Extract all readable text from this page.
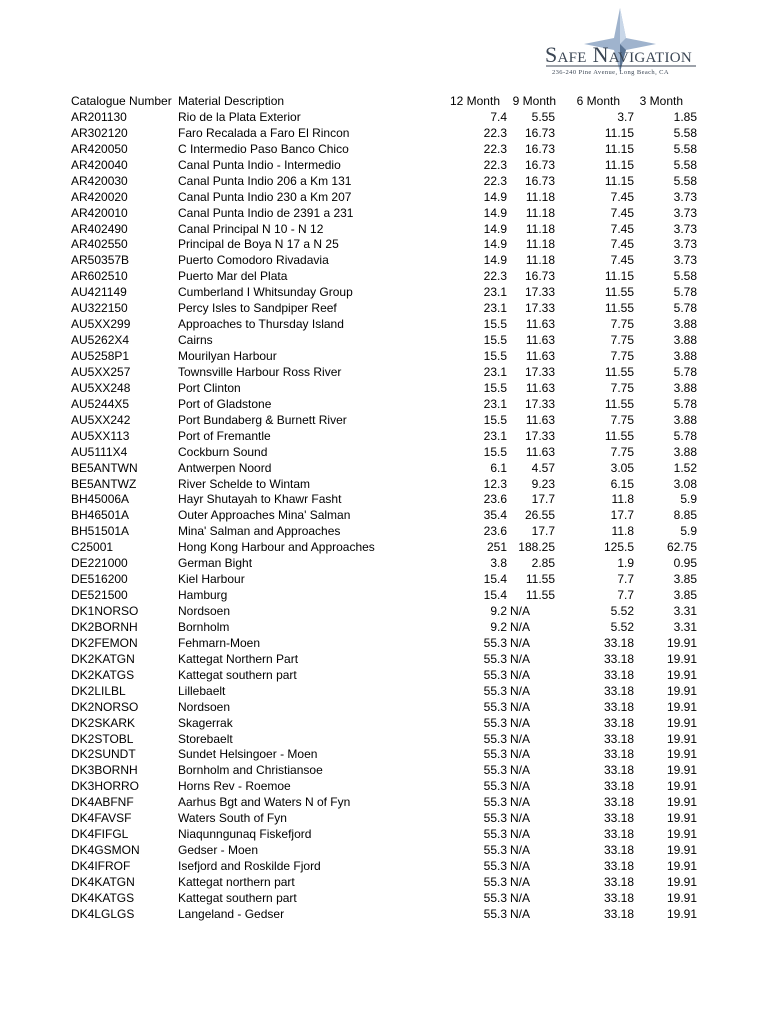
Safe Navigation
236-240 Pine Avenue, Long Beach, CA
Catalogue Number Material Description	12 Month 9 Month 6 Month 3 Month
AR201130	Rio de la Plata Exterior	7.4 5.55	3.7	1.85
AR302120	Faro Recalada a Faro El Rincon	22.3 16.73	11.15	5.58
AR420050	C Intermedio Paso Banco Chico	22.3 16.73	11.15	5.58
AR420040	Canal Punta Indio - Intermedio	22.3 16.73	11.15	5.58
AR420030	Canal Punta Indio 206 a Km 131	22.3 16.73	11.15	5.58
AR420020	Canal Punta Indio 230 a Km 207	14.9 11.18	7.45	3.73
AR420010	Canal Punta Indio de 2391 a 231	14.9 11.18	7.45	3.73
AR402490	Canal Principal N 10 - N 12	14.9 11.18	7.45	3.73
AR402550	Principal de Boya N 17 a N 25	14.9 11.18	7.45	3.73
AR50357B	Puerto Comodoro Rivadavia	14.9 11.18	7.45	3.73
AR602510	Puerto Mar del Plata	22.3 16.73	11.15	5.58
AU421149	Cumberland I Whitsunday Group	23.1 17.33	11.55	5.78
AU322150	Percy Isles to Sandpiper Reef	23.1 17.33	11.55	5.78
AU5XX299	Approaches to Thursday Island	15.5 11.63	7.75	3.88
AU5262X4	Cairns	15.5 11.63	7.75	3.88
AU5258P1	Mourilyan Harbour	15.5 11.63	7.75	3.88
AU5XX257	Townsville Harbour Ross River	23.1 17.33	11.55	5.78
AU5XX248	Port Clinton	15.5 11.63	7.75	3.88
AU5244X5	Port of Gladstone	23.1 17.33	11.55	5.78
AU5XX242	Port Bundaberg & Burnett River	15.5 11.63	7.75	3.88
AU5XX113	Port of Fremantle	23.1 17.33	11.55	5.78
AU5111X4	Cockburn Sound	15.5 11.63	7.75	3.88
BE5ANTWN	Antwerpen Noord	6.1 4.57	3.05	1.52
BE5ANTWZ	River Schelde to Wintam	12.3 9.23	6.15	3.08
BH45006A	Hayr Shutayah to Khawr Fasht	23.6 17.7	11.8	5.9
BH46501A	Outer Approaches Mina' Salman	35.4 26.55	17.7	8.85
BH51501A	Mina' Salman and Approaches	23.6 17.7	11.8	5.9
C25001	Hong Kong Harbour and Approaches	251 188.25	125.5	62.75
DE221000	German Bight	3.8 2.85	1.9	0.95
DE516200	Kiel Harbour	15.4 11.55	7.7	3.85
DE521500	Hamburg	15.4 11.55	7.7	3.85
DK1NORSO	Nordsoen	9.2 N/A	5.52	3.31
DK2BORNH	Bornholm	9.2 N/A	5.52	3.31
DK2FEMON	Fehmarn-Moen	55.3 N/A	33.18	19.91
DK2KATGN	Kattegat Northern Part	55.3 N/A	33.18	19.91
DK2KATGS	Kattegat southern part	55.3 N/A	33.18	19.91
DK2LILBL	Lillebaelt	55.3 N/A	33.18	19.91
DK2NORSO	Nordsoen	55.3 N/A	33.18	19.91
DK2SKARK	Skagerrak	55.3 N/A	33.18	19.91
DK2STOBL	Storebaelt	55.3 N/A	33.18	19.91
DK2SUNDT	Sundet Helsingoer - Moen	55.3 N/A	33.18	19.91
DK3BORNH	Bornholm and Christiansoe	55.3 N/A	33.18	19.91
DK3HORRO	Horns Rev - Roemoe	55.3 N/A	33.18	19.91
DK4ABFNF	Aarhus Bgt and Waters N of Fyn	55.3 N/A	33.18	19.91
DK4FAVSF	Waters South of Fyn	55.3 N/A	33.18	19.91
DK4FIFGL	Niaqunngunaq Fiskefjord	55.3 N/A	33.18	19.91
DK4GSMON	Gedser - Moen	55.3 N/A	33.18	19.91
DK4IFROF	Isefjord and Roskilde Fjord	55.3 N/A	33.18	19.91
DK4KATGN	Kattegat northern part	55.3 N/A	33.18	19.91
DK4KATGS	Kattegat southern part	55.3 N/A	33.18	19.91
DK4LGLGS	Langeland - Gedser	55.3 N/A	33.18	19.91
